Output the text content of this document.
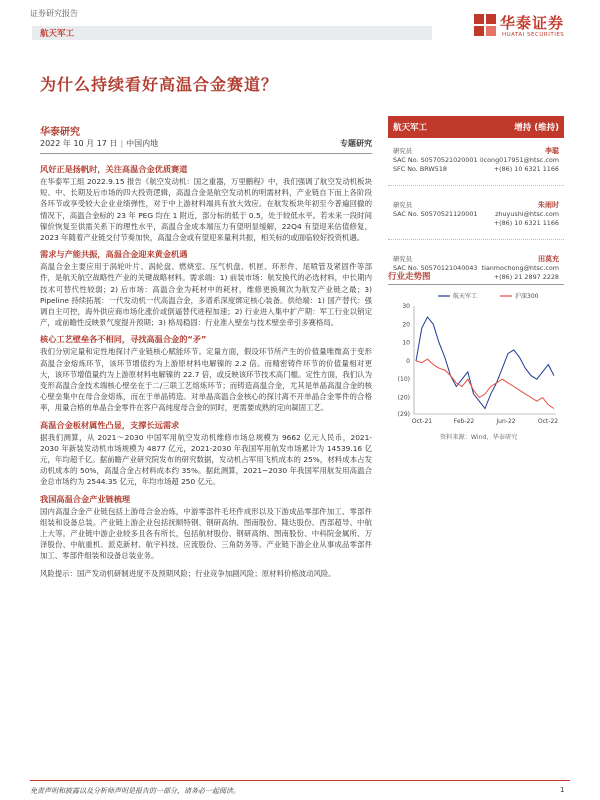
证券研究报告
航天军工
华泰证券
HUATAI SECURITIES
为什么持续看好高温合金赛道？
华泰研究
2022 年 10 月 17 日 | 中国内地	专题研究
风好正是扬帆时，关注高温合金优质赛道
在华泰军工組 2022.9.15 报告《航空发动机：国之重器，万里鹏程》中，我们强调了航空发动机板块短、中、长期及后市场的四大投资逻辑，高温合金是航空发动机的明需材料，产业链自下而上各阶段各环节或享受较大企业业绩弹性，对于中上游材料端具有放大效应。在航发板块年初至今普遍回撤的情况下，高温合金标的 23 年 PEG 均在 1 附近，部分标的低于 0.5，处于较低水平。若未来一段时间镍价恢复至供需关系下的理性水平，高温合金成本端压力有望明显缓解，22Q4 有望迎来估值修复，2023 年随着产业链交付节奏加快，高温合金或有望迎来量利共振，相关标的或面临较好投资机遇。
需求与产能共振，高温合金迎来黄金机遇
高温合金主要应用于涡轮叶片、涡轮盘、燃烧室、压气机盘、机匣、环形件、尾喷管及紧固件等部件，是航天航空战略性产业的关键战略材料。需求端：1) 前装市场：航发换代的必选材料，中长期内技术可替代性较弱；2) 后市场：高温合金为耗材中的耗材，维修更换频次为航发产业链之最；3) Pipeline 持续拓展：一代发动机一代高温合金，多谱系深度绑定核心装备。供给端：1) 国产替代：强调自主可控，海外供应商市场化涨价或倒逼替代进程加速；2) 行业进入集中扩产期：军工行业以销定产，或前瞻性反映景气度提升预期；3) 格局稳固：行业准入壁垒与技术壁垒牵引多赛格局。
核心工艺壁垒各不相同，寻找高温合金的“矛”
我们分别定量和定性地探讨产业链核心赋能环节。定量方面，假设环节所产生的价值量唯微高于变形高温合金熔炼环节，该环节增值约为上游原材料电解镍的 2.2 倍。而精密铸件环节的价值量相对更大，该环节增值量约为上游原材料电解镍的 22.7 倍，或反映该环节技术高门槛。定性方面，我们认为变形高温合金技术端核心壁垒在于二/三联工艺熔炼环节；而铸造高温合金，尤其是单晶高温合金的核心壁垒集中在母合金熔炼，而在于单晶铸造。对单晶高温合金核心的探讨离不开单晶合金零件的合格率，用量合格的单晶合金零件在客户高纯度母合金的同时，更需要成熟的定向凝固工艺。
高温合金板材属性凸显，支撑长远需求
据我们测算，从 2021～2030 中国军用航空发动机维修市场总规模为 9662 亿元人民币，2021-2030 年新装发动机市场规模为 4877 亿元，2021-2030 年我国军用航发市场累计为 14539.16 亿元，年均超千亿。据前瞻产业研究院发布的研究数据，发动机占军用飞机成本的 25%，材料成本占发动机成本的 50%，高温合金占材料成本约 35%。据此测算，2021~2030 年我国军用航发用高温合金总市场约为 2544.35 亿元，年均市场超 250 亿元。
我国高温合金产业链梳理
国内高温合金产业链包括上游母合金冶炼，中游零部件毛坯件成形以及下游成品零部件加工、零部件组装和设备总装。产业链上游企业包括抚顺特钢、钢研高纳、图南股份、隆达股份、西部超导、中航上大等。产业链中游企业较多且各有所长，包括航材股份、钢研高纳、图南股份、中科院金属所、万泽股份、中航重机、派克新材、航宇科技、应流股份、三角防务等。产业链下游企业从事成品零部件加工、零部件组装和设备总装业务。
风险提示：国产发动机研制进度不及预期风险；行业竞争加剧风险；原材料价格波动风险。
航天军工	增持 (维持)
研究员	李聪
SAC No. S0570521020001 licong017951@htsc.com
SFC No. BRW518	+(86) 10 6321 1166
研究员	朱雨时
SAC No. S0570521120001	zhuyushi@htsc.com
+(86) 10 6321 1166
研究员	田莫充
SAC No. S0570121040043 tianmochong@htsc.com
+(86) 21 2897 2228
行业走势图
30
20
10
0
(10)
(20)
(29)
Oct-21	Feb-22	Jun-22	Oct-22
航天军工	沪深300
资料来源：Wind，华泰研究
免责声明和披露以及分析师声明是报告的一部分，请务必一起阅读。	1
